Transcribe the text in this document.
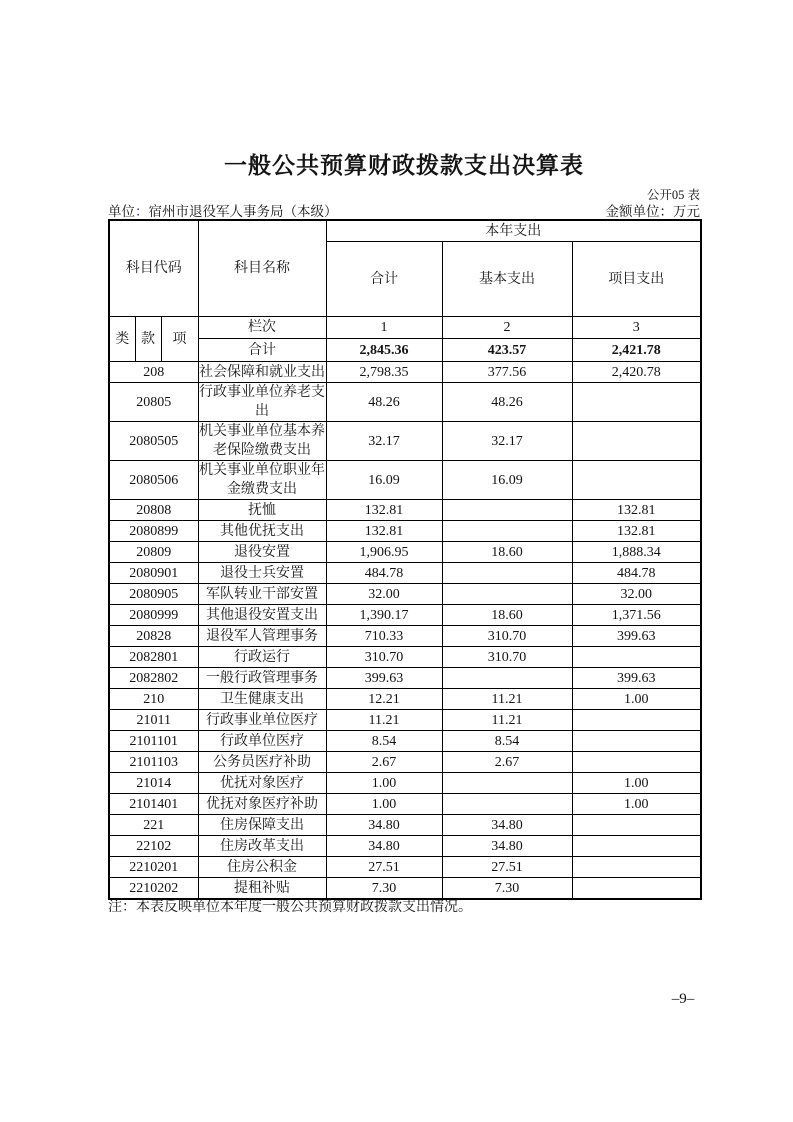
一般公共预算财政拨款支出决算表
公开05 表
单位：宿州市退役军人事务局（本级）	金额单位：万元
科目代码			科目名称	本年支出		
				合计	基本支出	项目支出
类	款	项	栏次	1	2	3
			合计	2,845.36	423.57	2,421.78
208			社会保障和就业支出	2,798.35	377.56	2,420.78
20805			行政事业单位养老支出	48.26	48.26	
2080505			机关事业单位基本养老保险缴费支出	32.17	32.17	
2080506			机关事业单位职业年金缴费支出	16.09	16.09	
20808			抚恤	132.81		132.81
2080899			其他优抚支出	132.81		132.81
20809			退役安置	1,906.95	18.60	1,888.34
2080901			退役士兵安置	484.78		484.78
2080905			军队转业干部安置	32.00		32.00
2080999			其他退役安置支出	1,390.17	18.60	1,371.56
20828			退役军人管理事务	710.33	310.70	399.63
2082801			行政运行	310.70	310.70	
2082802			一般行政管理事务	399.63		399.63
210			卫生健康支出	12.21	11.21	1.00
21011			行政事业单位医疗	11.21	11.21	
2101101			行政单位医疗	8.54	8.54	
2101103			公务员医疗补助	2.67	2.67	
21014			优抚对象医疗	1.00		1.00
2101401			优抚对象医疗补助	1.00		1.00
221			住房保障支出	34.80	34.80	
22102			住房改革支出	34.80	34.80	
2210201			住房公积金	27.51	27.51	
2210202			提租补贴	7.30	7.30	
注：本表反映单位本年度一般公共预算财政拨款支出情况。
–9–
